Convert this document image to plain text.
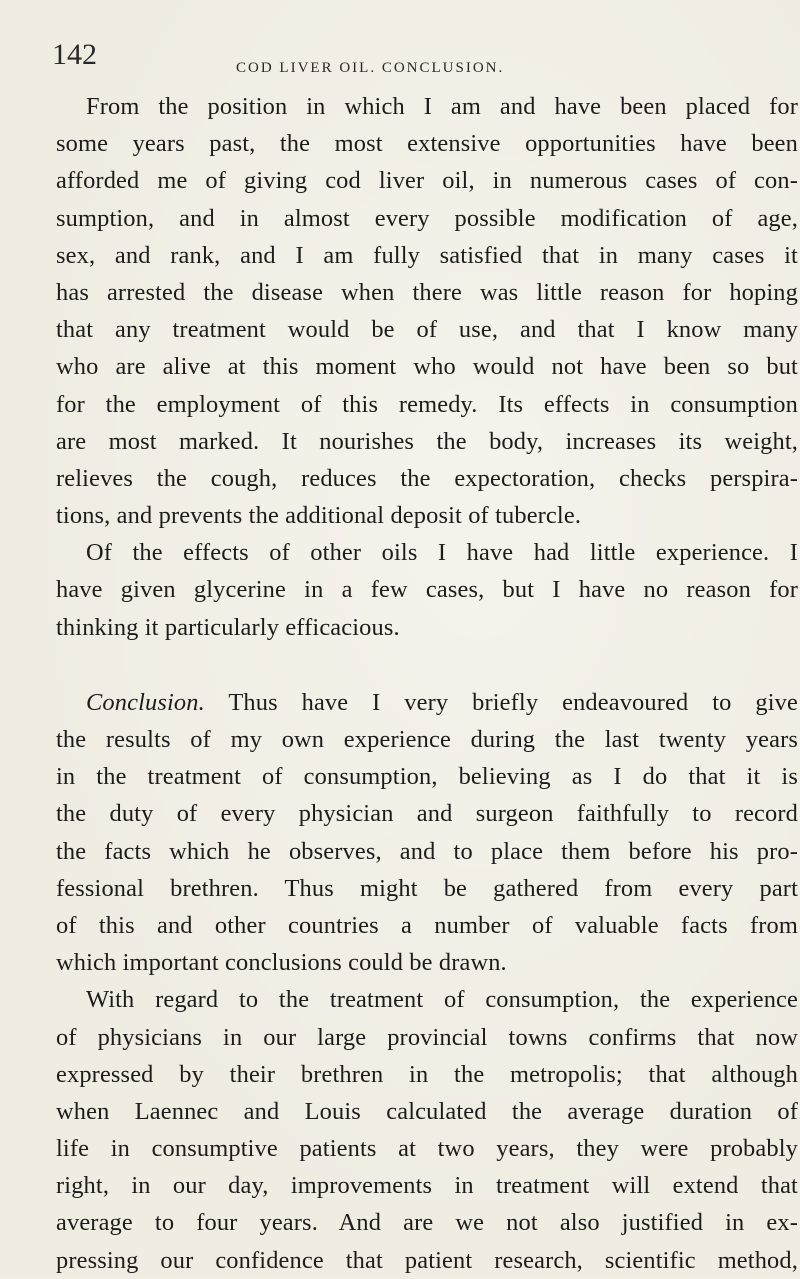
142	COD LIVER OIL. CONCLUSION.
From the position in which I am and have been placed for
some years past, the most extensive opportunities have been
afforded me of giving cod liver oil, in numerous cases of con-
sumption, and in almost every possible modification of age,
sex, and rank, and I am fully satisfied that in many cases it
has arrested the disease when there was little reason for hoping
that any treatment would be of use, and that I know many
who are alive at this moment who would not have been so but
for the employment of this remedy. Its effects in consumption
are most marked. It nourishes the body, increases its weight,
relieves the cough, reduces the expectoration, checks perspira-
tions, and prevents the additional deposit of tubercle.
Of the effects of other oils I have had little experience. I
have given glycerine in a few cases, but I have no reason for
thinking it particularly efficacious.
Conclusion. Thus have I very briefly endeavoured to give
the results of my own experience during the last twenty years
in the treatment of consumption, believing as I do that it is
the duty of every physician and surgeon faithfully to record
the facts which he observes, and to place them before his pro-
fessional brethren. Thus might be gathered from every part
of this and other countries a number of valuable facts from
which important conclusions could be drawn.
With regard to the treatment of consumption, the experience
of physicians in our large provincial towns confirms that now
expressed by their brethren in the metropolis; that although
when Laennec and Louis calculated the average duration of
life in consumptive patients at two years, they were probably
right, in our day, improvements in treatment will extend that
average to four years. And are we not also justified in ex-
pressing our confidence that patient research, scientific method,
